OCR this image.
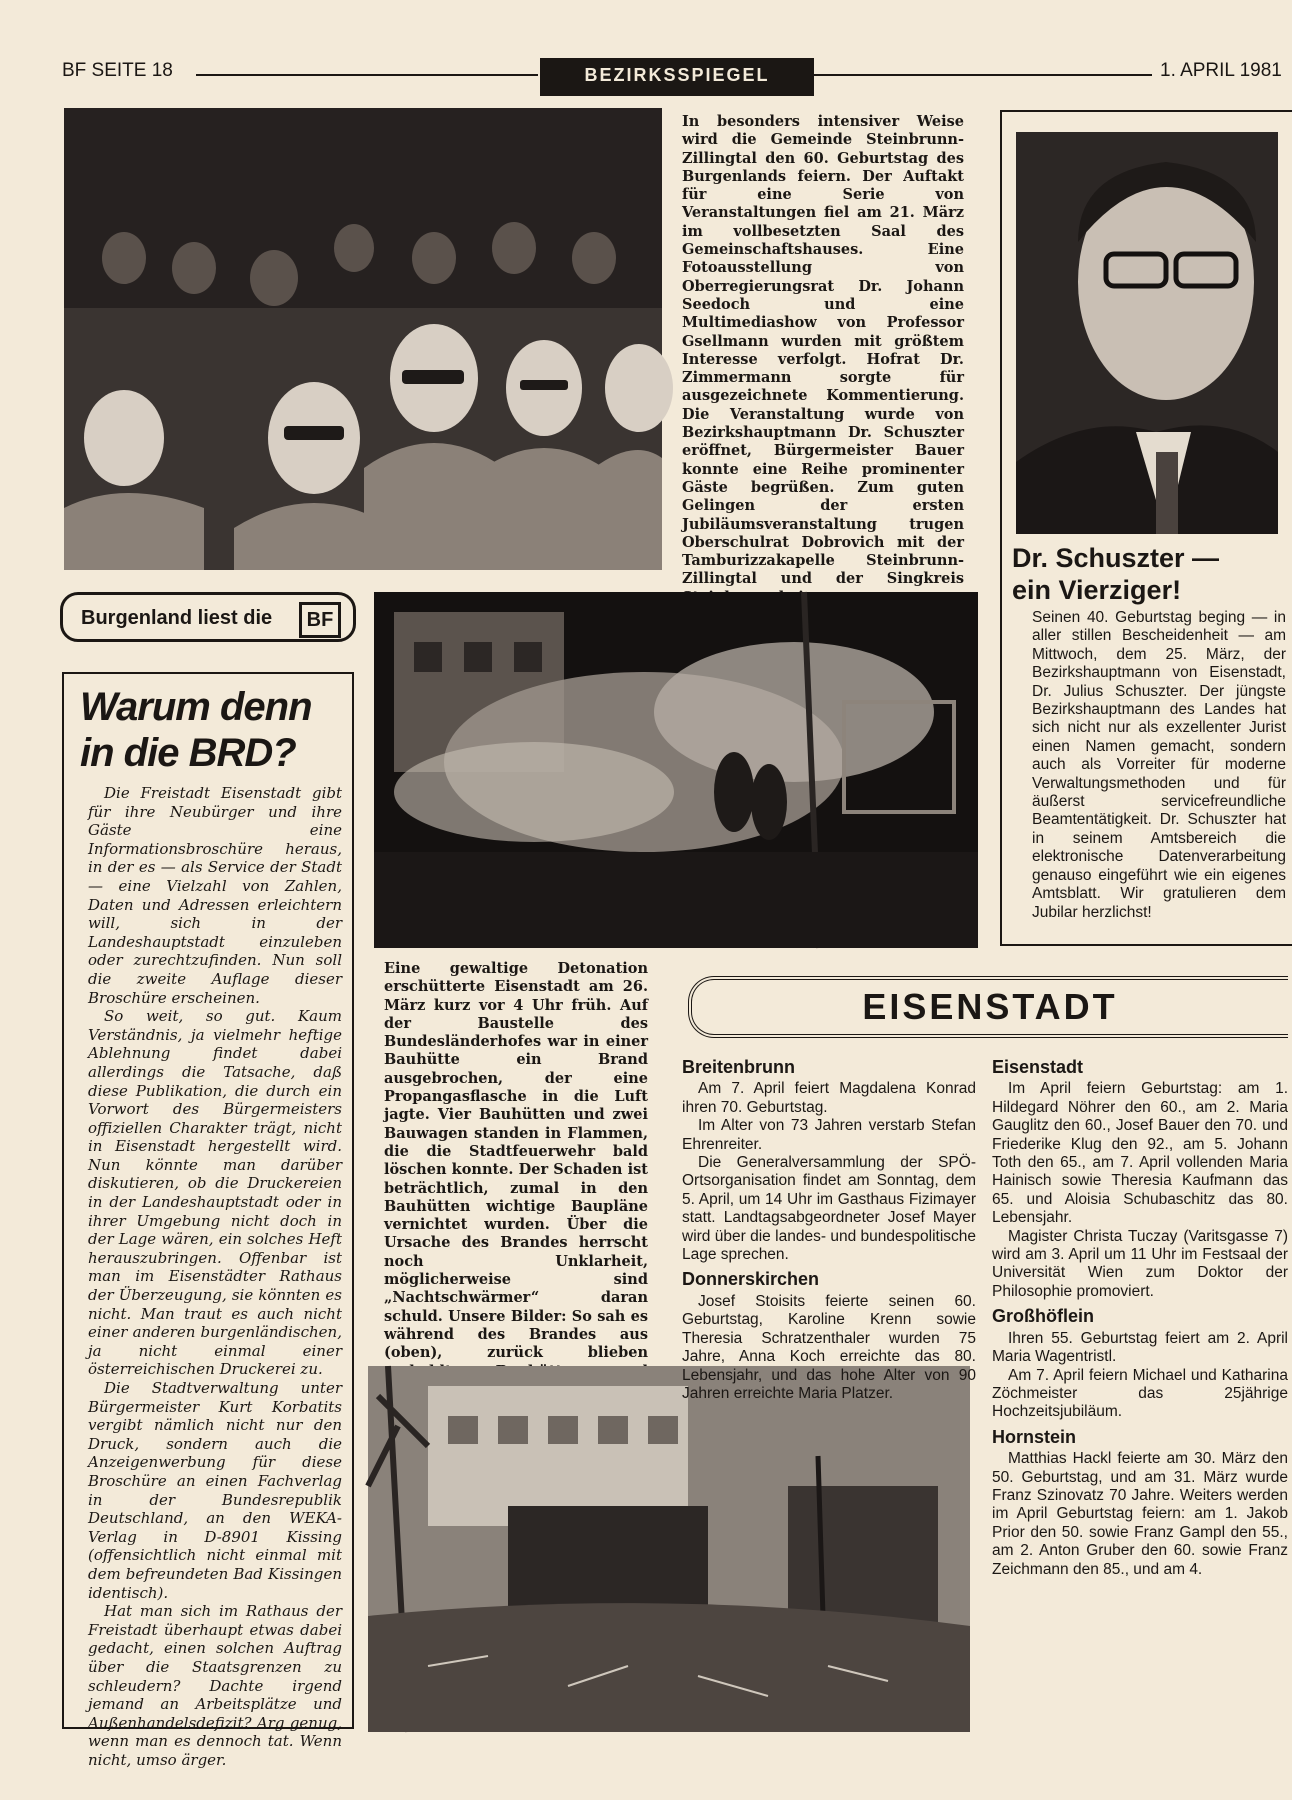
BF SEITE 18	BEZIRKSSPIEGEL	1. APRIL 1981
In besonders intensiver Weise wird die Gemeinde Steinbrunn-Zillingtal den 60. Geburtstag des Burgenlands feiern. Der Auftakt für eine Serie von Veranstaltungen fiel am 21. März im vollbesetzten Saal des Gemeinschaftshauses. Eine Fotoausstellung von Oberregierungsrat Dr. Johann Seedoch und eine Multimediashow von Professor Gsellmann wurden mit größtem Interesse verfolgt. Hofrat Dr. Zimmermann sorgte für ausgezeichnete Kommentierung. Die Veranstaltung wurde von Bezirkshauptmann Dr. Schuszter eröffnet, Bürgermeister Bauer konnte eine Reihe prominenter Gäste begrüßen. Zum guten Gelingen der ersten Jubiläumsveranstaltung trugen Oberschulrat Dobrovich mit der Tamburizzakapelle Steinbrunn-Zillingtal und der Singkreis
Dr. Schuszter —
ein Vierziger!
Seinen 40. Geburtstag beging — in aller stillen Bescheidenheit — am Mittwoch, dem 25. März, der Bezirkshauptmann von Eisenstadt, Dr. Julius Schuszter. Der jüngste Bezirkshauptmann des Landes hat sich nicht nur als exzellenter Jurist einen Namen gemacht, sondern auch als Vorreiter für moderne Verwaltungsmethoden und für äußerst servicefreundliche Beamtentätigkeit. Dr. Schuszter hat in seinem Amtsbereich die elektronische Datenverarbeitung genauso eingeführt wie ein eigenes Amtsblatt. Wir gratulieren dem Jubilar herzlichst!
Burgenland liest die	BF
Warum denn
in die BRD?

Die Freistadt Eisenstadt gibt für ihre Neubürger und ihre Gäste eine Informationsbroschüre heraus, in der es — als Service der Stadt — eine Vielzahl von Zahlen, Daten und Adressen erleichtern will, sich in der Landeshauptstadt einzuleben oder zurechtzufinden. Nun soll die zweite Auflage dieser Broschüre erscheinen.

So weit, so gut. Kaum Verständnis, ja vielmehr heftige Ablehnung findet dabei allerdings die Tatsache, daß diese Publikation, die durch ein Vorwort des Bürgermeisters offiziellen Charakter trägt, nicht in Eisenstadt hergestellt wird. Nun könnte man darüber diskutieren, ob die Druckereien in der Landeshauptstadt oder in ihrer Umgebung nicht doch in der Lage wären, ein solches Heft herauszubringen. Offenbar ist man im Eisenstädter Rathaus der Überzeugung, sie könnten es nicht. Man traut es auch nicht einer anderen burgenländischen, ja nicht einmal einer österreichischen Druckerei zu.

Die Stadtverwaltung unter Bürgermeister Kurt Korbatits vergibt nämlich nicht nur den Druck, sondern auch die Anzeigenwerbung für diese Broschüre an einen Fachverlag in der Bundesrepublik Deutschland, an den WEKA-Verlag in D-8901 Kissing (offensichtlich nicht einmal mit dem befreundeten Bad Kissingen identisch).

Hat man sich im Rathaus der Freistadt überhaupt etwas dabei gedacht, einen solchen Auftrag über die Staatsgrenzen zu schleudern? Dachte irgend jemand an Arbeitsplätze und Außenhandelsdefizit? Arg genug, wenn man es dennoch tat. Wenn nicht, umso ärger.

Eine gewaltige Detonation erschütterte Eisenstadt am 26. März kurz vor 4 Uhr früh. Auf der Baustelle des Bundesländerhofes war in einer Bauhütte ein Brand ausgebrochen, der eine Propangasflasche in die Luft jagte. Vier Bauhütten und zwei Bauwagen standen in Flammen, die die Stadtfeuerwehr bald löschen konnte. Der Schaden ist beträchtlich, zumal in den Bauhütten wichtige Baupläne vernichtet wurden. Über die Ursache des Brandes herrscht noch Unklarheit, möglicherweise sind „Nachtschwärmer“ daran schuld. Unsere Bilder: So sah es während des Brandes aus (oben), zurück blieben
EISENSTADT
Breitenbrunn

Am 7. April feiert Magdalena Konrad ihren 70. Geburtstag.

Im Alter von 73 Jahren verstarb Stefan Ehrenreiter.

Die Generalversammlung der SPÖ-Ortsorganisation findet am Sonntag, dem 5. April, um 14 Uhr im Gasthaus Fizimayer statt. Landtagsabgeordneter Josef Mayer wird über die landes- und bundespolitische Lage sprechen.

Donnerskirchen

Josef Stoisits feierte seinen 60. Geburtstag, Karoline Krenn sowie Theresia Schratzenthaler wurden 75 Jahre, Anna Koch erreichte das 80. Lebensjahr, und das hohe Alter von 90 Jahren erreichte Maria Platzer.

Eisenstadt

Im April feiern Geburtstag: am 1. Hildegard Nöhrer den 60., am 2. Maria Gauglitz den 60., Josef Bauer den 70. und Friederike Klug den 92., am 5. Johann Toth den 65., am 7. April vollenden Maria Hainisch sowie Theresia Kaufmann das 65. und Aloisia Schubaschitz das 80. Lebensjahr.

Magister Christa Tuczay (Varitsgasse 7) wird am 3. April um 11 Uhr im Festsaal der Universität Wien zum Doktor der Philosophie promoviert.

Großhöflein

Ihren 55. Geburtstag feiert am 2. April Maria Wagentristl.

Am 7. April feiern Michael und Katharina Zöchmeister das 25jährige Hochzeitsjubiläum.

Hornstein

Matthias Hackl feierte am 30. März den 50. Geburtstag, und am 31. März wurde Franz Szinovatz 70 Jahre. Weiters werden im April Geburtstag feiern: am 1. Jakob Prior den 50. sowie Franz Gampl den 55., am 2. Anton Gruber den 60. sowie Franz Zeichmann den 85., und am 4.
